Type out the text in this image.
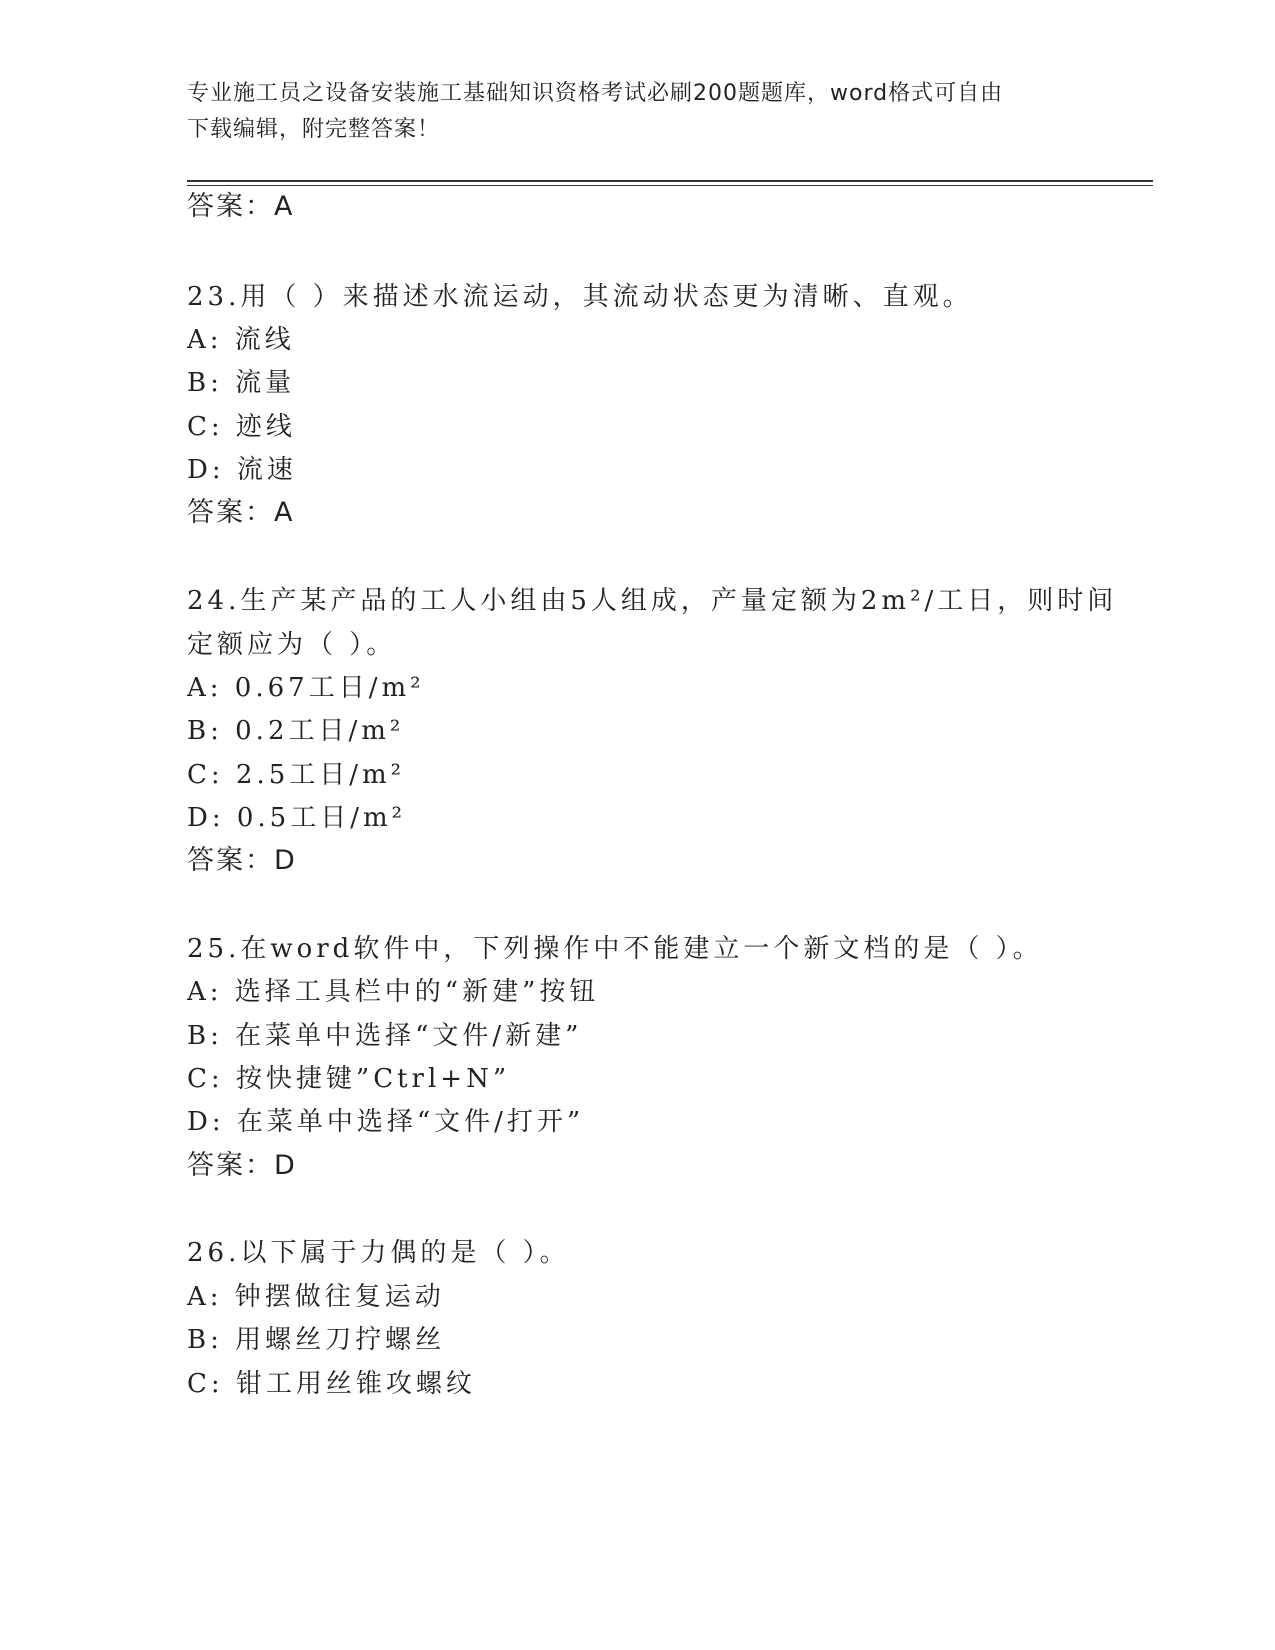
专业施工员之设备安装施工基础知识资格考试必刷200题题库，word格式可自由
下载编辑，附完整答案！
答案：A
23.用（ ）来描述水流运动，其流动状态更为清晰、直观。
A: 流线
B: 流量
C: 迹线
D: 流速
答案：A
24.生产某产品的工人小组由5人组成，产量定额为2m²/工日，则时间
定额应为（ ）。
A: 0.67工日/m²
B: 0.2工日/m²
C: 2.5工日/m²
D: 0.5工日/m²
答案：D
25.在word软件中，下列操作中不能建立一个新文档的是（ ）。
A: 选择工具栏中的“新建”按钮
B: 在菜单中选择“文件/新建”
C: 按快捷键”Ctrl+N”
D: 在菜单中选择“文件/打开”
答案：D
26.以下属于力偶的是（ ）。
A: 钟摆做往复运动
B: 用螺丝刀拧螺丝
C: 钳工用丝锥攻螺纹
